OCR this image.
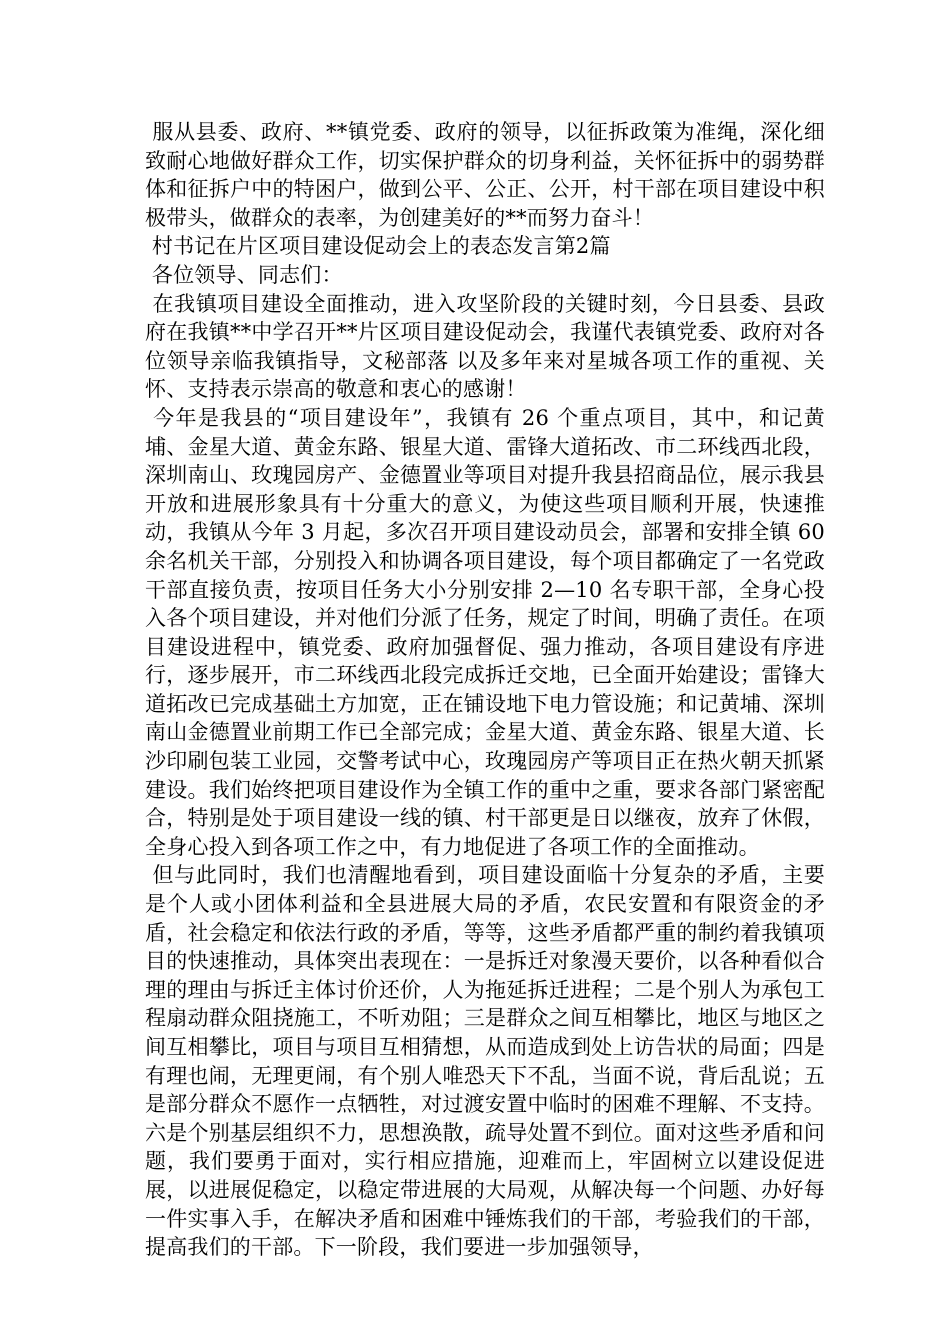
服从县委、政府、**镇党委、政府的领导，以征拆政策为准绳，深化细致耐心地做好群众工作，切实保护群众的切身利益，关怀征拆中的弱势群体和征拆户中的特困户，做到公平、公正、公开，村干部在项目建设中积极带头，做群众的表率，为创建美好的**而努力奋斗！

村书记在片区项目建设促动会上的表态发言第2篇

各位领导、同志们：

在我镇项目建设全面推动，进入攻坚阶段的关键时刻，今日县委、县政府在我镇**中学召开**片区项目建设促动会，我谨代表镇党委、政府对各位领导亲临我镇指导，文秘部落 以及多年来对星城各项工作的重视、关怀、支持表示崇高的敬意和衷心的感谢！

今年是我县的“项目建设年”，我镇有 26 个重点项目，其中，和记黄埔、金星大道、黄金东路、银星大道、雷锋大道拓改、市二环线西北段，深圳南山、玫瑰园房产、金德置业等项目对提升我县招商品位，展示我县开放和进展形象具有十分重大的意义，为使这些项目顺利开展，快速推动，我镇从今年 3 月起，多次召开项目建设动员会，部署和安排全镇 60 余名机关干部，分别投入和协调各项目建设，每个项目都确定了一名党政干部直接负责，按项目任务大小分别安排 2—10 名专职干部，全身心投入各个项目建设，并对他们分派了任务，规定了时间，明确了责任。在项目建设进程中，镇党委、政府加强督促、强力推动，各项目建设有序进行，逐步展开，市二环线西北段完成拆迁交地，已全面开始建设；雷锋大道拓改已完成基础土方加宽，正在铺设地下电力管设施；和记黄埔、深圳南山金德置业前期工作已全部完成；金星大道、黄金东路、银星大道、长沙印刷包装工业园，交警考试中心，玫瑰园房产等项目正在热火朝天抓紧建设。我们始终把项目建设作为全镇工作的重中之重，要求各部门紧密配合，特别是处于项目建设一线的镇、村干部更是日以继夜，放弃了休假，全身心投入到各项工作之中，有力地促进了各项工作的全面推动。

但与此同时，我们也清醒地看到，项目建设面临十分复杂的矛盾，主要是个人或小团体利益和全县进展大局的矛盾，农民安置和有限资金的矛盾，社会稳定和依法行政的矛盾，等等，这些矛盾都严重的制约着我镇项目的快速推动，具体突出表现在：一是拆迁对象漫天要价，以各种看似合理的理由与拆迁主体讨价还价，人为拖延拆迁进程；二是个别人为承包工程扇动群众阻挠施工，不听劝阻；三是群众之间互相攀比，地区与地区之间互相攀比，项目与项目互相猜想，从而造成到处上访告状的局面；四是有理也闹，无理更闹，有个别人唯恐天下不乱，当面不说，背后乱说；五是部分群众不愿作一点牺牲，对过渡安置中临时的困难不理解、不支持。六是个别基层组织不力，思想涣散，疏导处置不到位。面对这些矛盾和问题，我们要勇于面对，实行相应措施，迎难而上，牢固树立以建设促进展，以进展促稳定，以稳定带进展的大局观，从解决每一个问题、办好每一件实事入手，在解决矛盾和困难中锤炼我们的干部，考验我们的干部，提高我们的干部。下一阶段，我们要进一步加强领导，
